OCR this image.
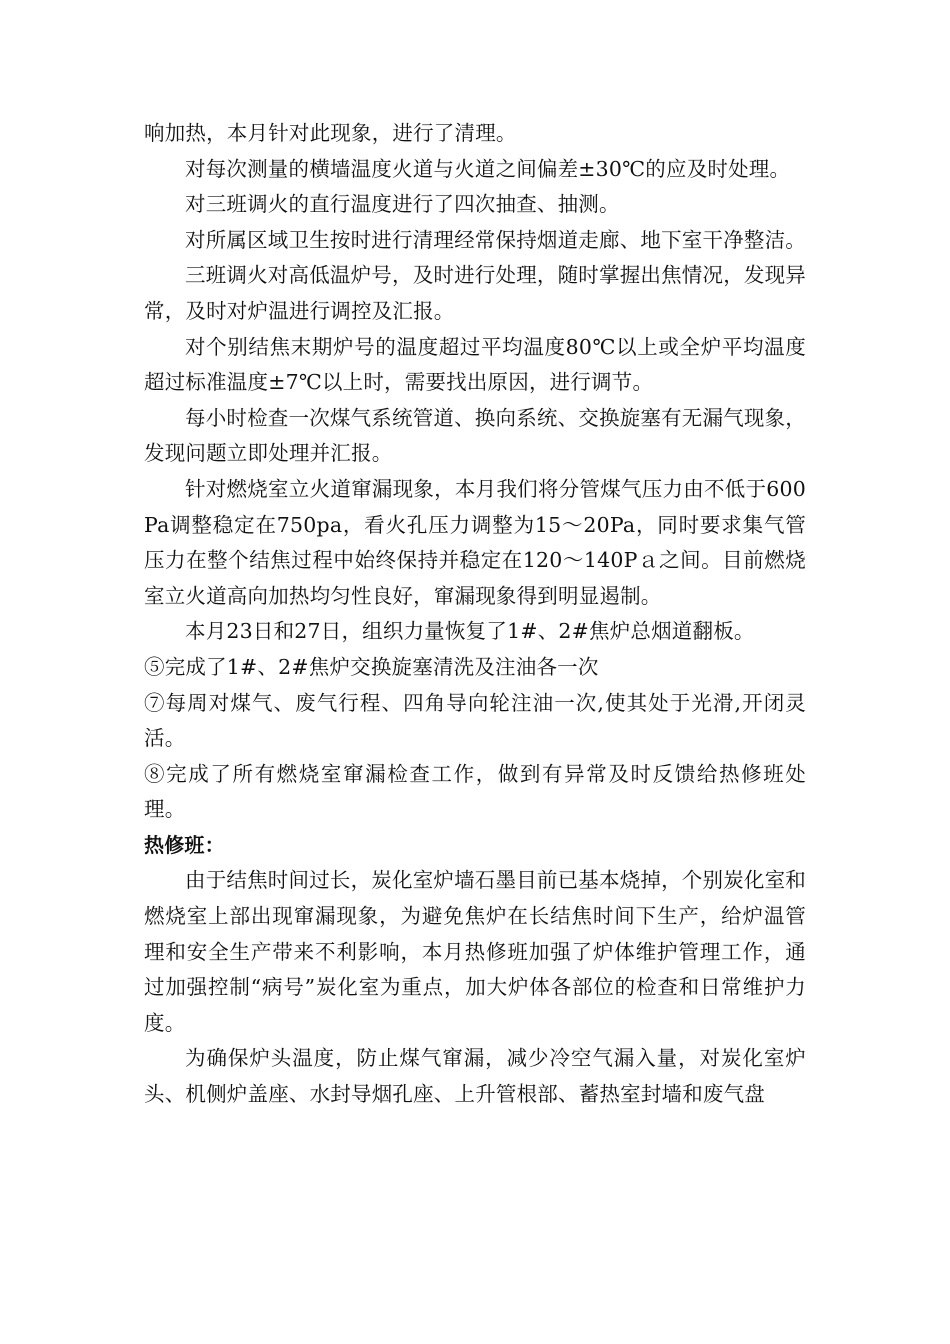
响加热，本月针对此现象，进行了清理。

对每次测量的横墙温度火道与火道之间偏差±30℃的应及时处理。

对三班调火的直行温度进行了四次抽查、抽测。

对所属区域卫生按时进行清理经常保持烟道走廊、地下室干净整洁。

三班调火对高低温炉号，及时进行处理，随时掌握出焦情况，发现异常，及时对炉温进行调控及汇报。

对个别结焦末期炉号的温度超过平均温度80℃以上或全炉平均温度超过标准温度±7℃以上时，需要找出原因，进行调节。

每小时检查一次煤气系统管道、换向系统、交换旋塞有无漏气现象，发现问题立即处理并汇报。

针对燃烧室立火道窜漏现象，本月我们将分管煤气压力由不低于600 Pa调整稳定在750pa，看火孔压力调整为15～20Pa，同时要求集气管压力在整个结焦过程中始终保持并稳定在120～140Pａ之间。目前燃烧室立火道高向加热均匀性良好，窜漏现象得到明显遏制。

本月23日和27日，组织力量恢复了1#、2#焦炉总烟道翻板。

⑤完成了1#、2#焦炉交换旋塞清洗及注油各一次

⑦每周对煤气、废气行程、四角导向轮注油一次,使其处于光滑,开闭灵活。

⑧完成了所有燃烧室窜漏检查工作，做到有异常及时反馈给热修班处理。

热修班：

由于结焦时间过长，炭化室炉墙石墨目前已基本烧掉，个别炭化室和燃烧室上部出现窜漏现象，为避免焦炉在长结焦时间下生产，给炉温管理和安全生产带来不利影响，本月热修班加强了炉体维护管理工作，通过加强控制“病号”炭化室为重点，加大炉体各部位的检查和日常维护力度。

为确保炉头温度，防止煤气窜漏，减少冷空气漏入量，对炭化室炉头、机侧炉盖座、水封导烟孔座、上升管根部、蓄热室封墙和废气盘
